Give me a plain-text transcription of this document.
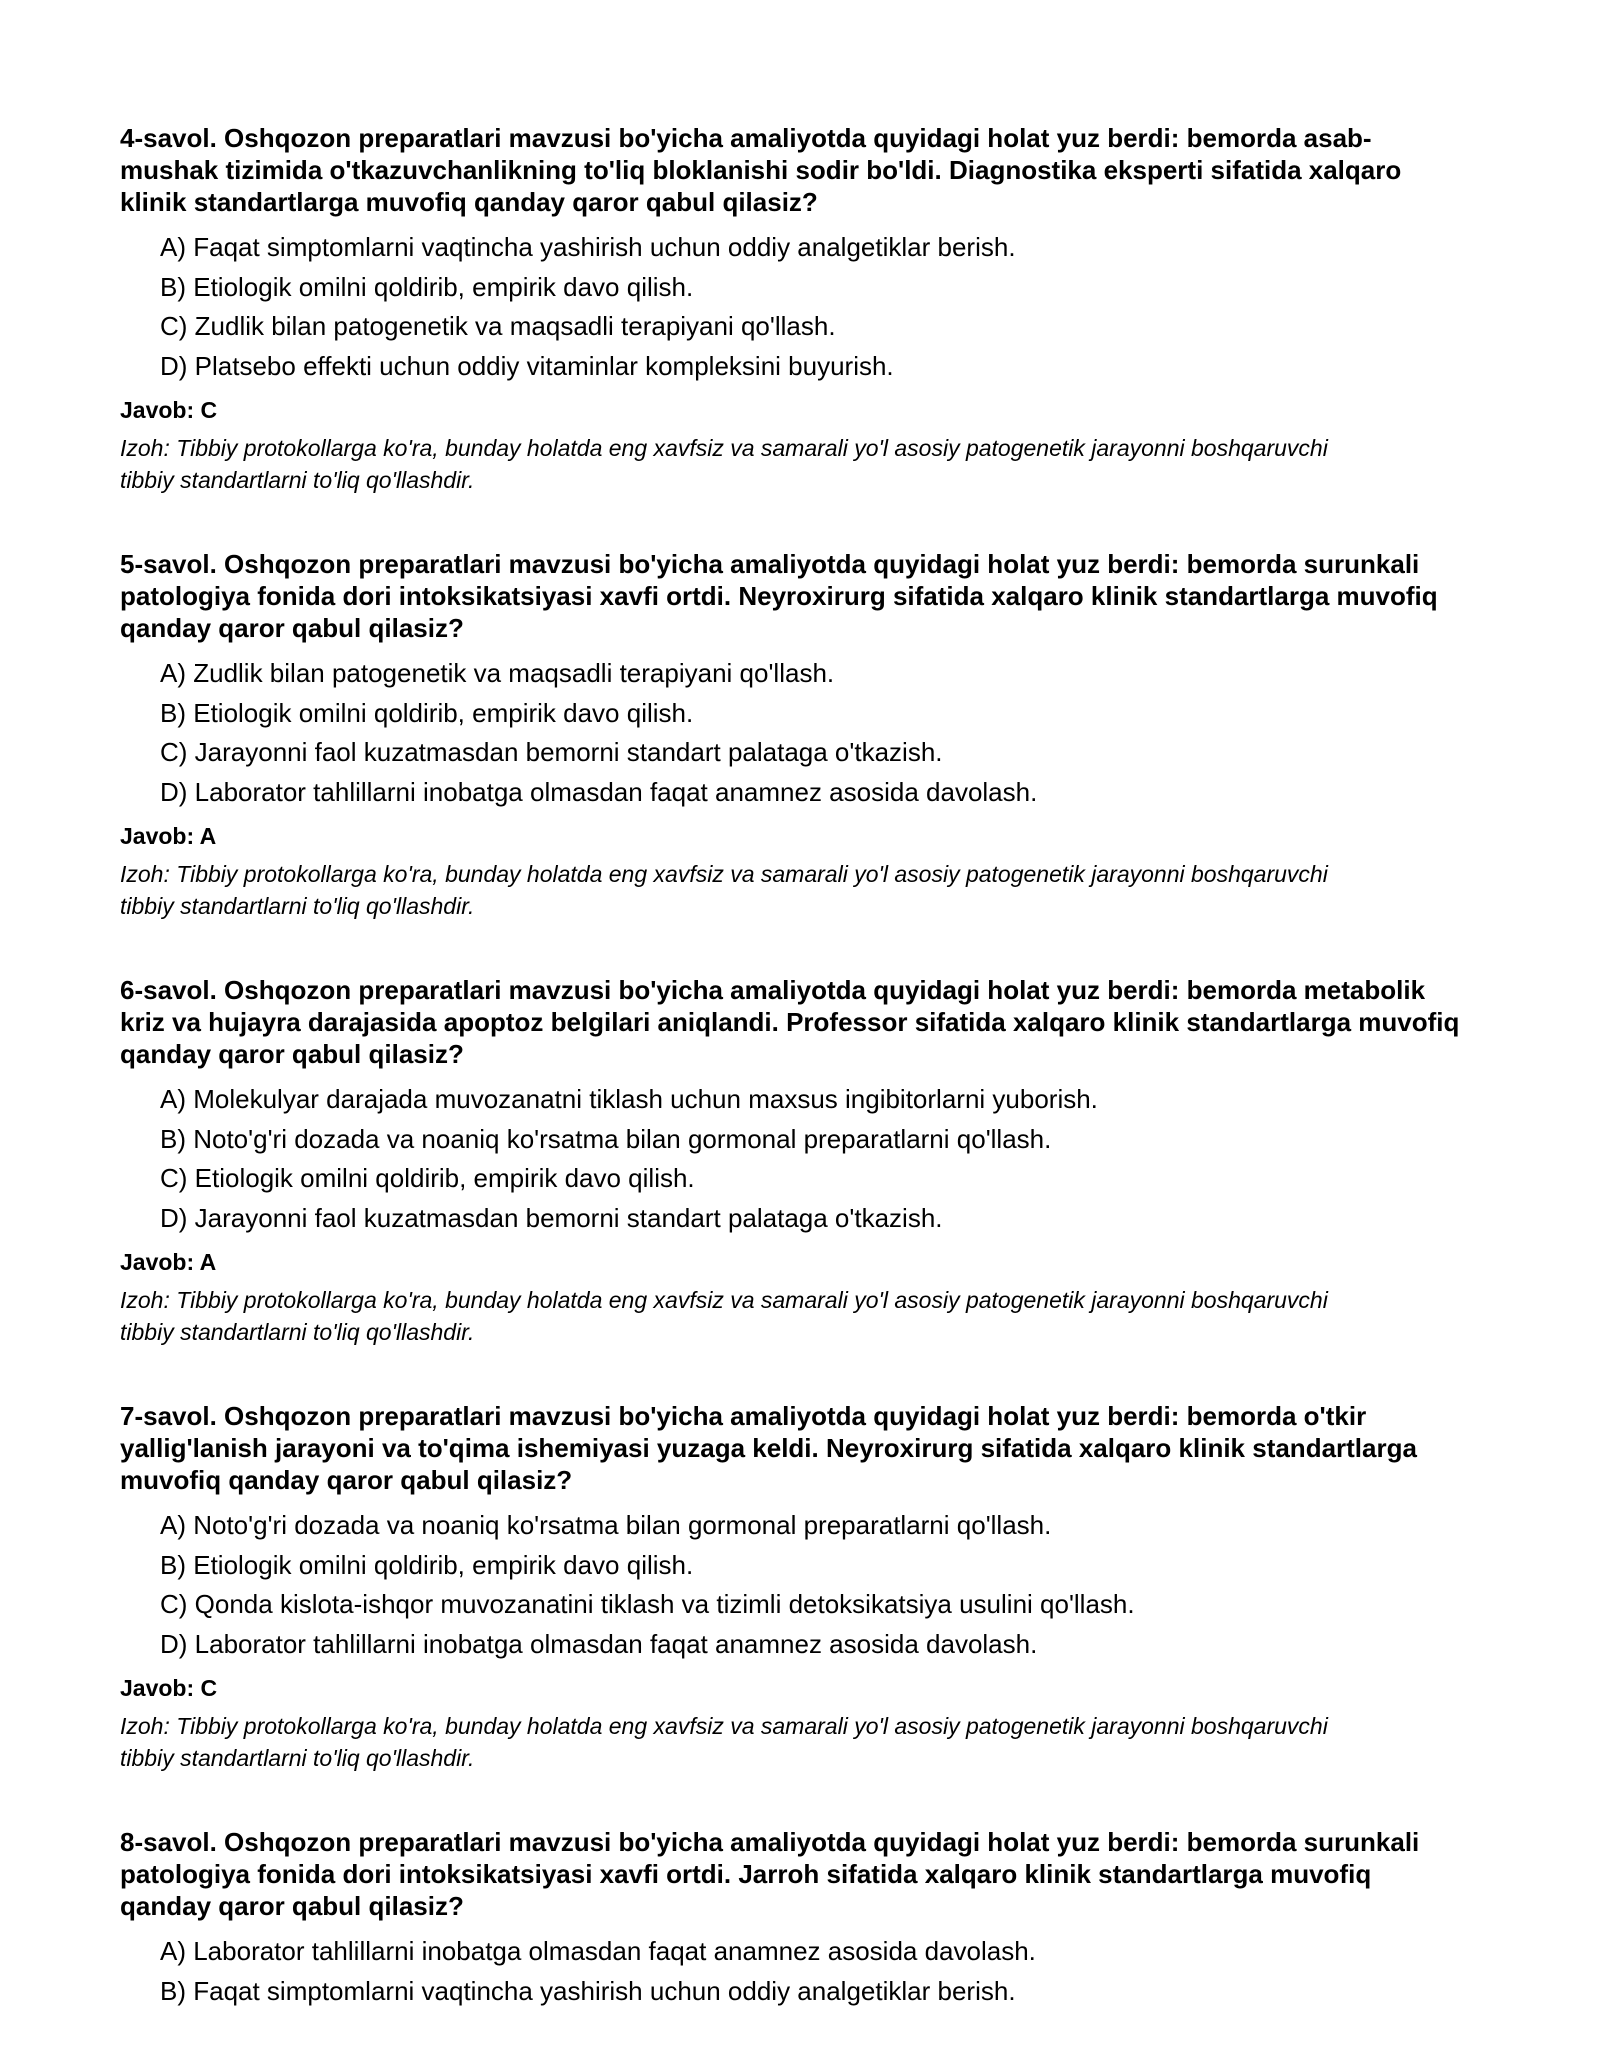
4-savol. Oshqozon preparatlari mavzusi bo'yicha amaliyotda quyidagi holat yuz berdi: bemorda asab-mushak tizimida o'tkazuvchanlikning to'liq bloklanishi sodir bo'ldi. Diagnostika eksperti sifatida xalqaro klinik standartlarga muvofiq qanday qaror qabul qilasiz?

A) Faqat simptomlarni vaqtincha yashirish uchun oddiy analgetiklar berish.
B) Etiologik omilni qoldirib, empirik davo qilish.
C) Zudlik bilan patogenetik va maqsadli terapiyani qo'llash.
D) Platsebo effekti uchun oddiy vitaminlar kompleksini buyurish.

Javob: C

Izoh: Tibbiy protokollarga ko'ra, bunday holatda eng xavfsiz va samarali yo'l asosiy patogenetik jarayonni boshqaruvchi tibbiy standartlarni to'liq qo'llashdir.

5-savol. Oshqozon preparatlari mavzusi bo'yicha amaliyotda quyidagi holat yuz berdi: bemorda surunkali patologiya fonida dori intoksikatsiyasi xavfi ortdi. Neyroxirurg sifatida xalqaro klinik standartlarga muvofiq qanday qaror qabul qilasiz?

A) Zudlik bilan patogenetik va maqsadli terapiyani qo'llash.
B) Etiologik omilni qoldirib, empirik davo qilish.
C) Jarayonni faol kuzatmasdan bemorni standart palataga o'tkazish.
D) Laborator tahlillarni inobatga olmasdan faqat anamnez asosida davolash.

Javob: A

Izoh: Tibbiy protokollarga ko'ra, bunday holatda eng xavfsiz va samarali yo'l asosiy patogenetik jarayonni boshqaruvchi tibbiy standartlarni to'liq qo'llashdir.

6-savol. Oshqozon preparatlari mavzusi bo'yicha amaliyotda quyidagi holat yuz berdi: bemorda metabolik kriz va hujayra darajasida apoptoz belgilari aniqlandi. Professor sifatida xalqaro klinik standartlarga muvofiq qanday qaror qabul qilasiz?

A) Molekulyar darajada muvozanatni tiklash uchun maxsus ingibitorlarni yuborish.
B) Noto'g'ri dozada va noaniq ko'rsatma bilan gormonal preparatlarni qo'llash.
C) Etiologik omilni qoldirib, empirik davo qilish.
D) Jarayonni faol kuzatmasdan bemorni standart palataga o'tkazish.

Javob: A

Izoh: Tibbiy protokollarga ko'ra, bunday holatda eng xavfsiz va samarali yo'l asosiy patogenetik jarayonni boshqaruvchi tibbiy standartlarni to'liq qo'llashdir.

7-savol. Oshqozon preparatlari mavzusi bo'yicha amaliyotda quyidagi holat yuz berdi: bemorda o'tkir yallig'lanish jarayoni va to'qima ishemiyasi yuzaga keldi. Neyroxirurg sifatida xalqaro klinik standartlarga muvofiq qanday qaror qabul qilasiz?

A) Noto'g'ri dozada va noaniq ko'rsatma bilan gormonal preparatlarni qo'llash.
B) Etiologik omilni qoldirib, empirik davo qilish.
C) Qonda kislota-ishqor muvozanatini tiklash va tizimli detoksikatsiya usulini qo'llash.
D) Laborator tahlillarni inobatga olmasdan faqat anamnez asosida davolash.

Javob: C

Izoh: Tibbiy protokollarga ko'ra, bunday holatda eng xavfsiz va samarali yo'l asosiy patogenetik jarayonni boshqaruvchi tibbiy standartlarni to'liq qo'llashdir.

8-savol. Oshqozon preparatlari mavzusi bo'yicha amaliyotda quyidagi holat yuz berdi: bemorda surunkali patologiya fonida dori intoksikatsiyasi xavfi ortdi. Jarroh sifatida xalqaro klinik standartlarga muvofiq qanday qaror qabul qilasiz?

A) Laborator tahlillarni inobatga olmasdan faqat anamnez asosida davolash.
B) Faqat simptomlarni vaqtincha yashirish uchun oddiy analgetiklar berish.
